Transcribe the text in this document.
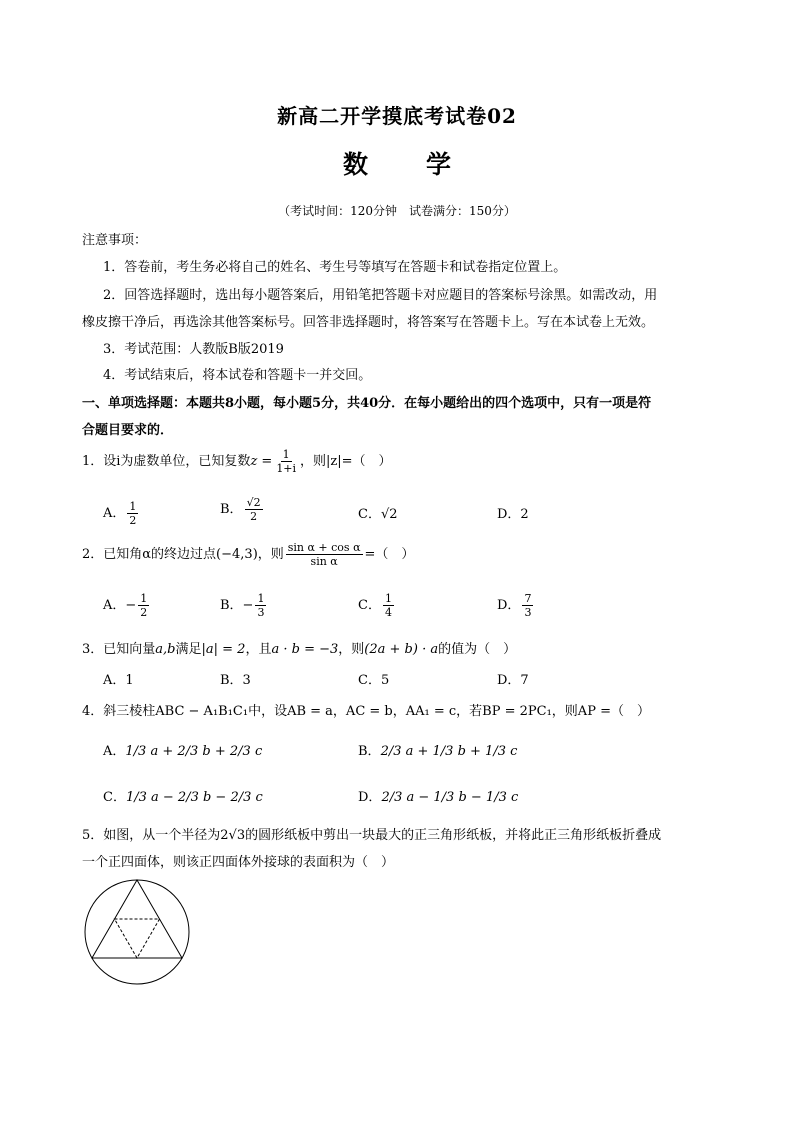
新高二开学摸底考试卷02
数学
（考试时间：120分钟　试卷满分：150分）
注意事项：
1．答卷前，考生务必将自己的姓名、考生号等填写在答题卡和试卷指定位置上。
2．回答选择题时，选出每小题答案后，用铅笔把答题卡对应题目的答案标号涂黑。如需改动，用
橡皮擦干净后，再选涂其他答案标号。回答非选择题时，将答案写在答题卡上。写在本试卷上无效。
3．考试范围：人教版B版2019
4．考试结束后，将本试卷和答题卡一并交回。
一、单项选择题：本题共8小题，每小题5分，共40分．在每小题给出的四个选项中，只有一项是符
合题目要求的．
1．设i为虚数单位，已知复数$z = \frac{1}{1+i}$ ，则|z|=（　）
A． $\frac{1}{2}$	B． $\frac{√2}{2}$	C．√2	D．2
2．已知角α的终边过点(−4,3)，则 $\frac{\text{sin α + cos α}}{\text{sin α}}$ =（　）
A．− $\frac{1}{2}$	B．− $\frac{1}{3}$	C． $\frac{1}{4}$	D． $\frac{7}{3}$
3．已知向量a,b满足|a| = 2，且a · b = −3，则(2a + b) · a的值为（　）
A．1	B．3	C．5	D．7
4．斜三棱柱ABC − A₁B₁C₁中，设AB = a，AC = b，AA₁ = c，若BP = 2PC₁，则AP =（　）
A．1/3 a + 2/3 b + 2/3 c	B．2/3 a + 1/3 b + 1/3 c
C．1/3 a − 2/3 b − 2/3 c	D．2/3 a − 1/3 b − 1/3 c
5．如图，从一个半径为2√3的圆形纸板中剪出一块最大的正三角形纸板，并将此正三角形纸板折叠成
一个正四面体，则该正四面体外接球的表面积为（　）
